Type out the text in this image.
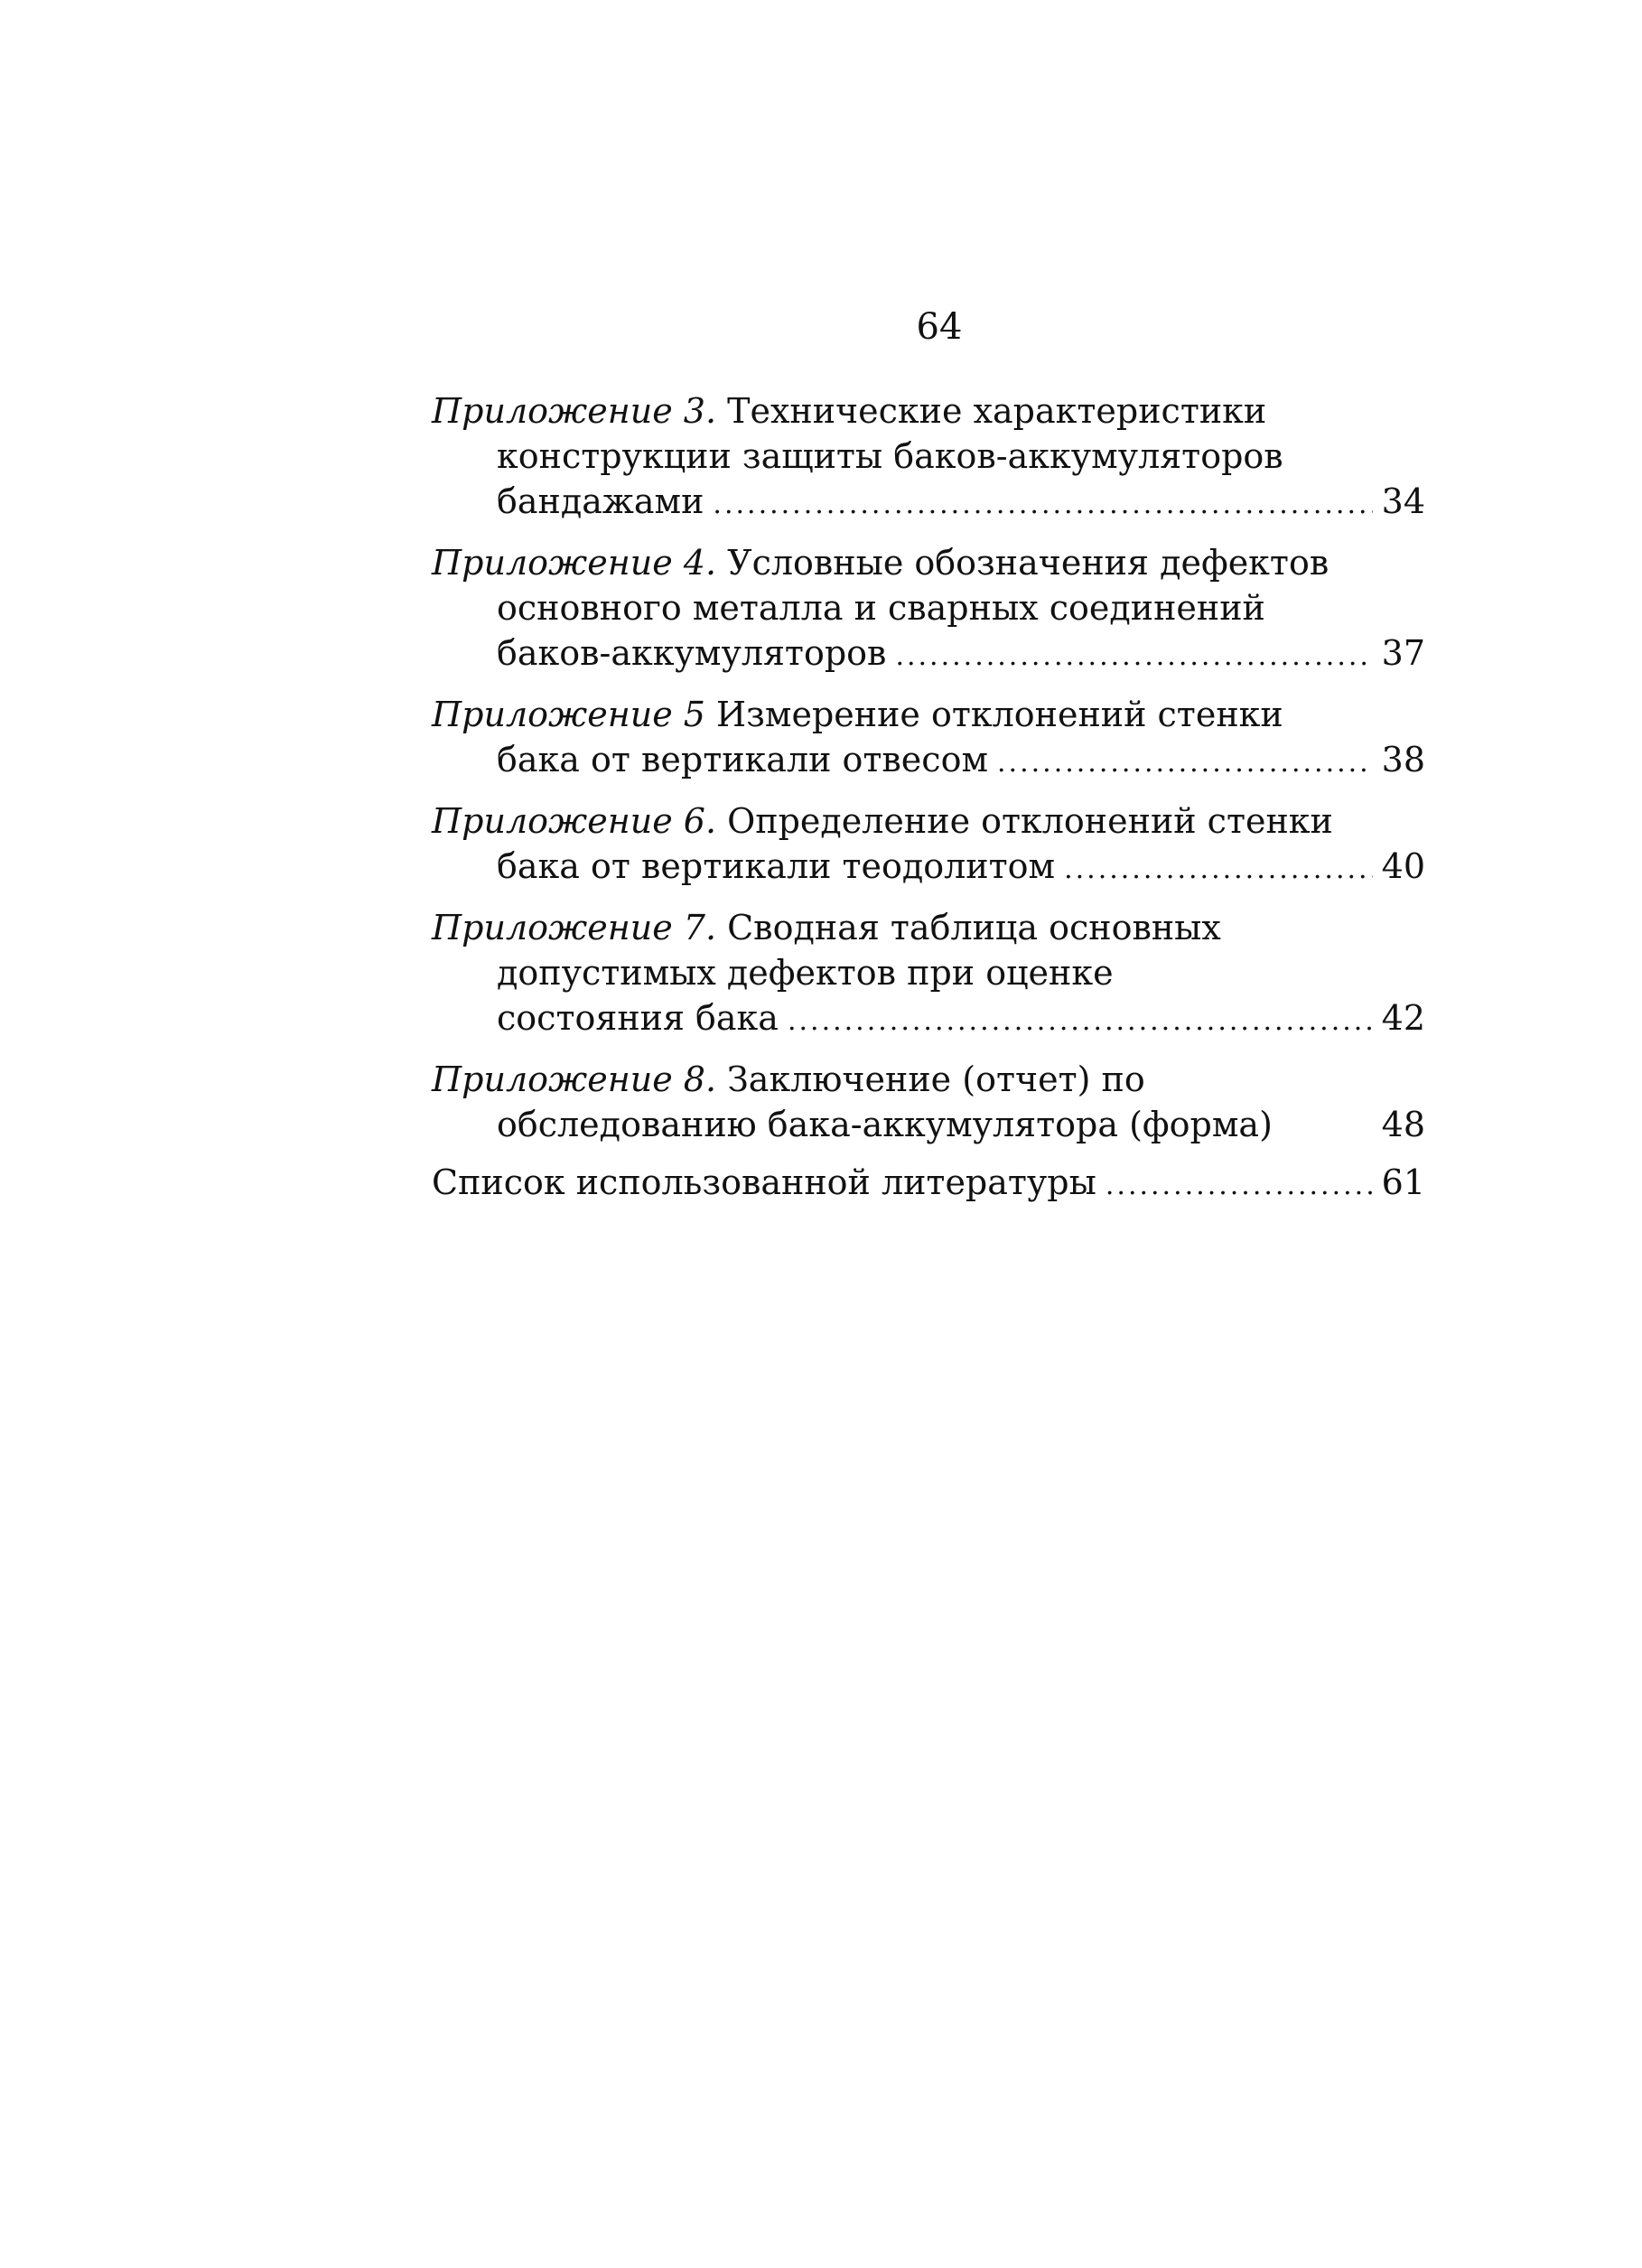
64
Приложение 3. Технические характеристики
конструкции защиты баков-аккумуляторов
бандажами .....	34
Приложение 4. Условные обозначения дефектов
основного металла и сварных соединений
баков-аккумуляторов .....	37
Приложение 5 Измерение отклонений стенки
бака от вертикали отвесом .....	38
Приложение 6. Определение отклонений стенки
бака от вертикали теодолитом .....	40
Приложение 7. Сводная таблица основных
допустимых дефектов при оценке
состояния бака .....	42
Приложение 8. Заключение (отчет) по
обследованию бака-аккумулятора (форма)	48
Список использованной литературы .....	61
